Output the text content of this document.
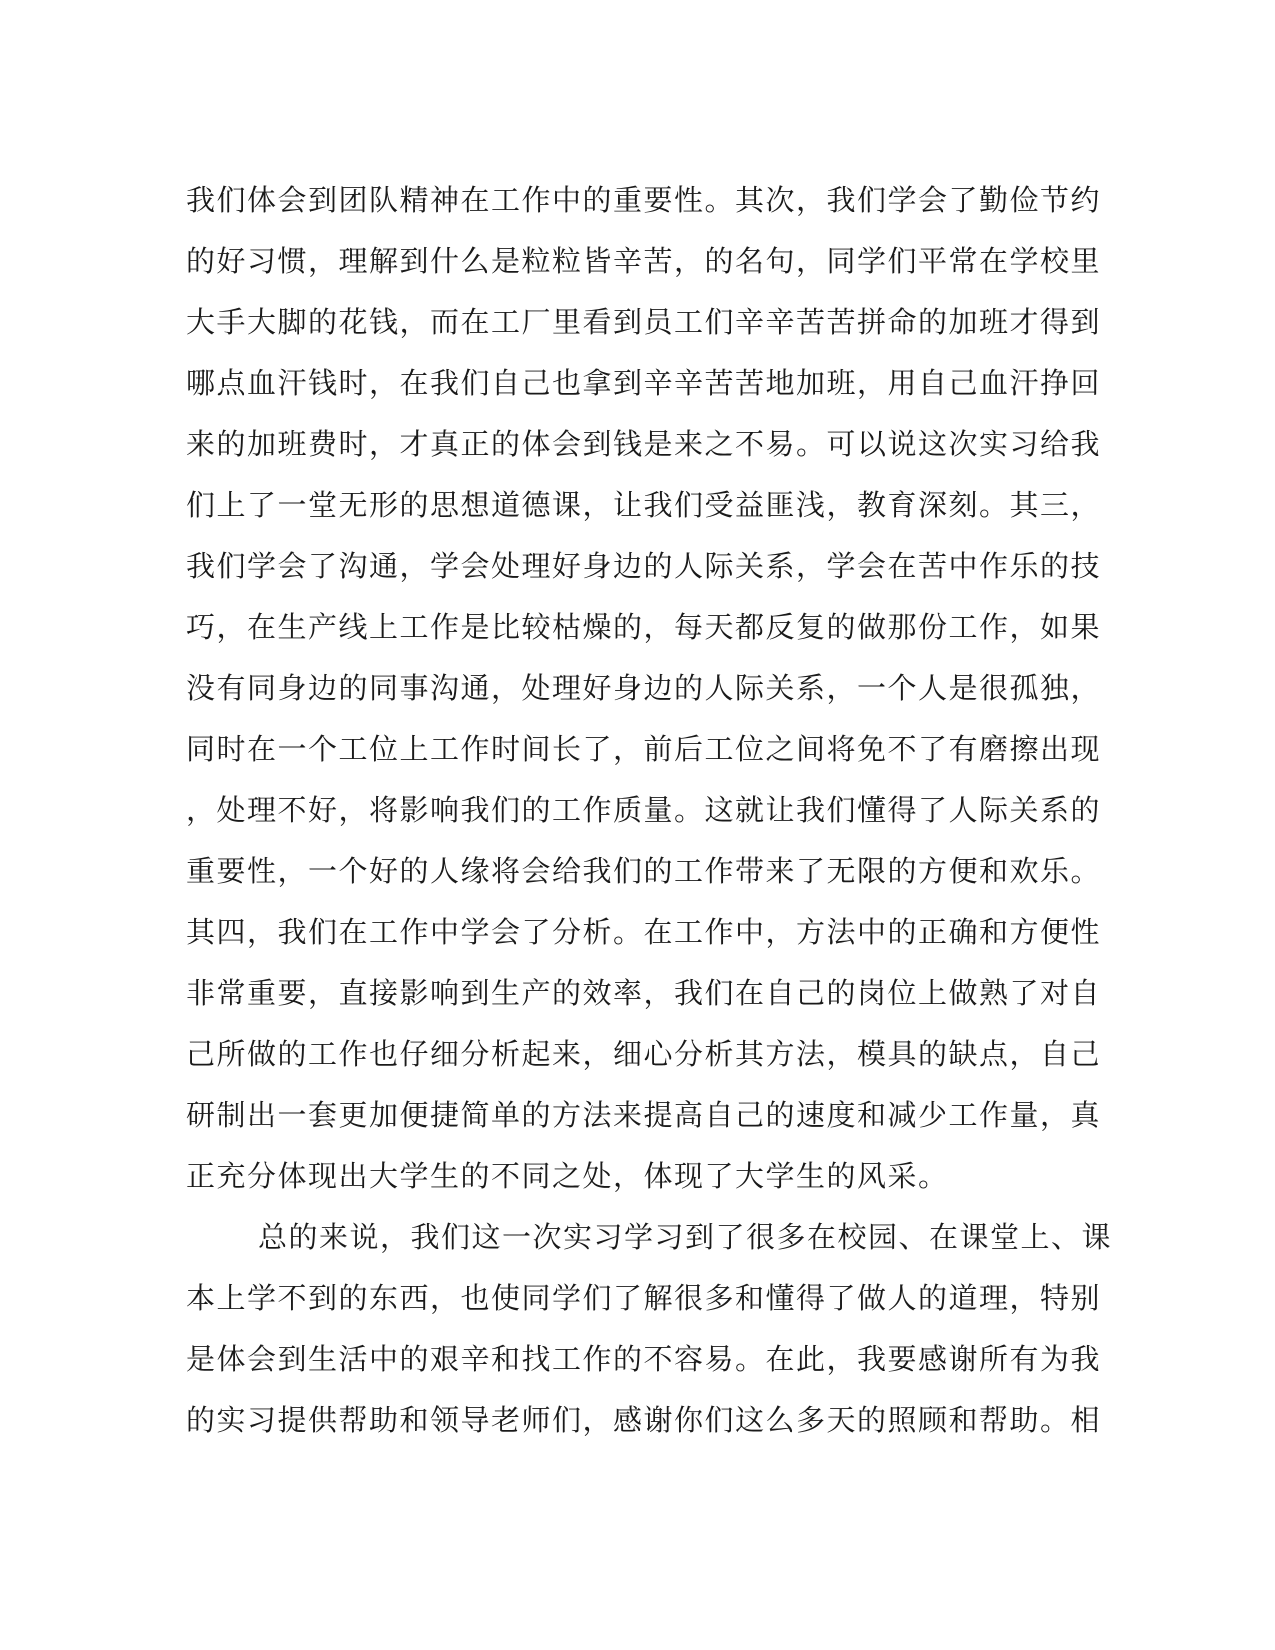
我们体会到团队精神在工作中的重要性。其次，我们学会了勤俭节约
的好习惯，理解到什么是粒粒皆辛苦，的名句，同学们平常在学校里
大手大脚的花钱，而在工厂里看到员工们辛辛苦苦拼命的加班才得到
哪点血汗钱时，在我们自己也拿到辛辛苦苦地加班，用自己血汗挣回
来的加班费时，才真正的体会到钱是来之不易。可以说这次实习给我
们上了一堂无形的思想道德课，让我们受益匪浅，教育深刻。其三，
我们学会了沟通，学会处理好身边的人际关系，学会在苦中作乐的技
巧，在生产线上工作是比较枯燥的，每天都反复的做那份工作，如果
没有同身边的同事沟通，处理好身边的人际关系，一个人是很孤独，
同时在一个工位上工作时间长了，前后工位之间将免不了有磨擦出现
，处理不好，将影响我们的工作质量。这就让我们懂得了人际关系的
重要性，一个好的人缘将会给我们的工作带来了无限的方便和欢乐。
其四，我们在工作中学会了分析。在工作中，方法中的正确和方便性
非常重要，直接影响到生产的效率，我们在自己的岗位上做熟了对自
己所做的工作也仔细分析起来，细心分析其方法，模具的缺点，自己
研制出一套更加便捷简单的方法来提高自己的速度和减少工作量，真
正充分体现出大学生的不同之处，体现了大学生的风采。
总的来说，我们这一次实习学习到了很多在校园、在课堂上、课
本上学不到的东西，也使同学们了解很多和懂得了做人的道理，特别
是体会到生活中的艰辛和找工作的不容易。在此，我要感谢所有为我
的实习提供帮助和领导老师们，感谢你们这么多天的照顾和帮助。相
